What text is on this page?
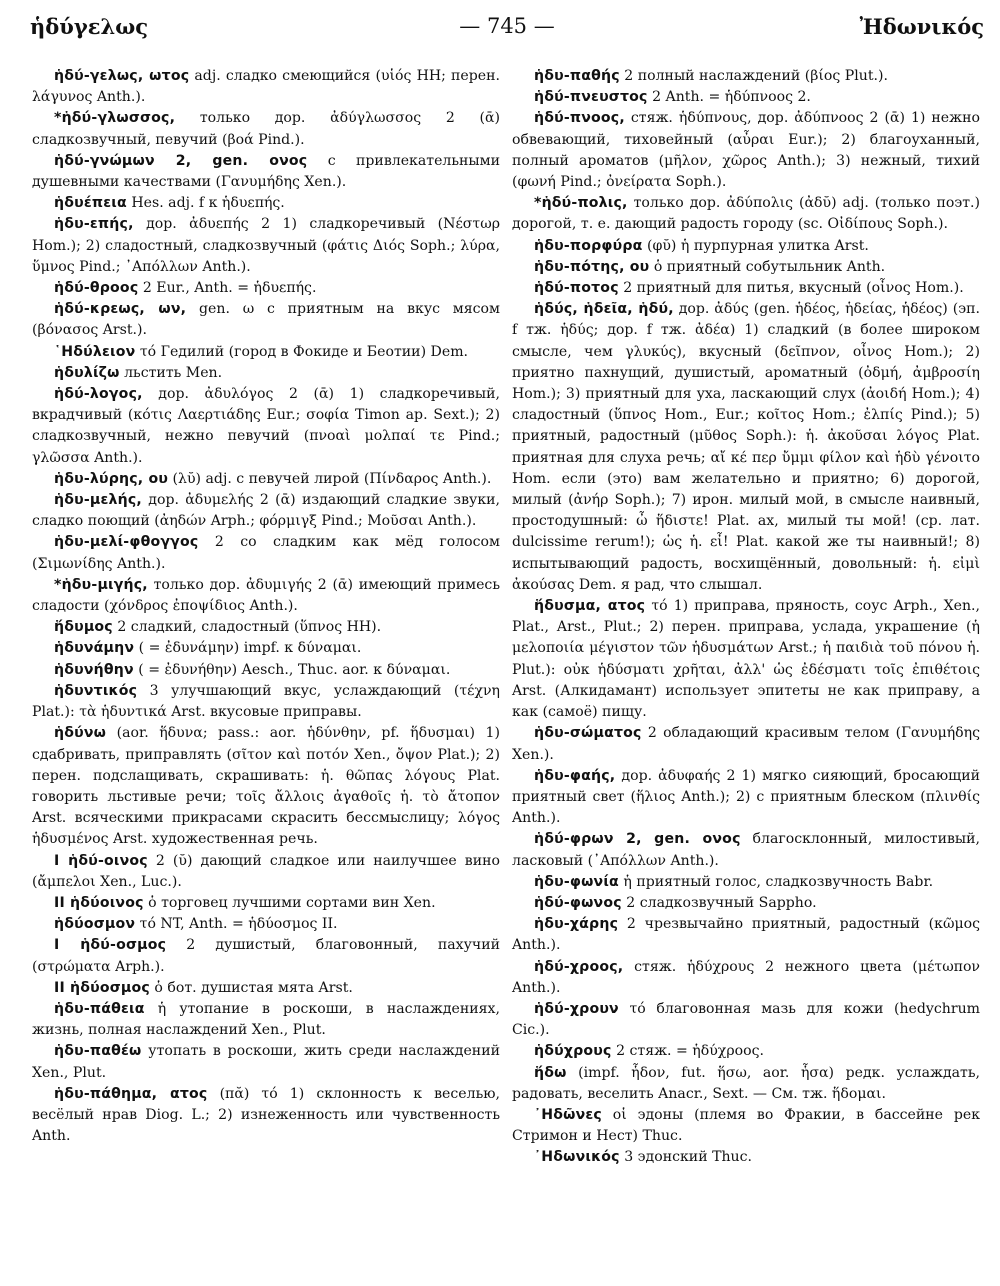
ἡδύγελως	— 745 —	Ἠδωνικός

ἡδύ-γελως, ωτος adj. сладко смеющийся (υἱός HH; перен. λάγυνος Anth.).

*ἡδύ-γλωσσος, только дор. ἀδύγλωσσος 2 (ᾱ) сладкозвучный, певучий (βοά Pind.).

ἡδύ-γνώμων 2, gen. ονος с привлекательными душевными качествами (Γανυμήδης Xen.).

ἡδυέπεια Hes. adj. f к ἡδυεπής.

ἡδυ-επής, дор. ἀδυεπής 2 1) сладкоречивый (Νέστωρ Hom.); 2) сладостный, сладкозвучный (φάτις Διός Soph.; λύρα, ὕμνος Pind.; ᾿Απόλλων Anth.).

ἡδύ-θροος 2 Eur., Anth. = ἡδυεπής.

ἡδύ-κρεως, ων, gen. ω с приятным на вкус мясом (βόνασος Arst.).

῾Ηδύλειον τό Гедилий (город в Фокиде и Беотии) Dem.

ἡδυλίζω льстить Men.

ἡδύ-λογος, дор. ἀδυλόγος 2 (ᾱ) 1) сладкоречивый, вкрадчивый (κότις Λαερτιάδης Eur.; σοφία Timon ap. Sext.); 2) сладкозвучный, нежно певучий (πνοαὶ μολπαί τε Pind.; γλῶσσα Anth.).

ἡδυ-λύρης, ου (λῠ) adj. с певучей лирой (Πίνδαρος Anth.).

ἡδυ-μελής, дор. ἀδυμελής 2 (ᾱ) издающий сладкие звуки, сладко поющий (ἀηδών Arph.; φόρμιγξ Pind.; Μοῦσαι Anth.).

ἡδυ-μελί-φθογγος 2 со сладким как мёд голосом (Σιμωνίδης Anth.).

*ἡδυ-μιγής, только дор. ἀδυμιγής 2 (ᾱ) имеющий примесь сладости (χόνδρος ἐποψίδιος Anth.).

ἥδυμος 2 сладкий, сладостный (ὕπνος HH).

ἡδυνάμην ( = ἐδυνάμην) impf. к δύναμαι.

ἡδυνήθην ( = ἐδυνήθην) Aesch., Thuc. aor. к δύναμαι.

ἡδυντικός 3 улучшающий вкус, услаждающий (τέχνη Plat.): τὰ ἡδυντικά Arst. вкусовые приправы.

ἡδύνω (aor. ἥδυνα; pass.: aor. ἡδύνθην, pf. ἥδυσμαι) 1) сдабривать, приправлять (σῖτον καὶ ποτόν Xen., ὄψον Plat.); 2) перен. подслащивать, скрашивать: ἡ. θῶπας λόγους Plat. говорить льстивые речи; τοῖς ἄλλοις ἀγαθοῖς ἡ. τὸ ἄτοπον Arst. всяческими прикрасами скрасить бессмыслицу; λόγος ἡδυσμένος Arst. художественная речь.

I ἡδύ-οινος 2 (ῠ) дающий сладкое или наилучшее вино (ἄμπελοι Xen., Luc.).

II ἡδύοινος ὁ торговец лучшими сортами вин Xen.

ἡδύοσμον τό NT, Anth. = ἡδύοσμος II.

I ἡδύ-οσμος 2 душистый, благовонный, пахучий (στρώματα Arph.).

II ἡδύοσμος ὁ бот. душистая мята Arst.

ἡδυ-πάθεια ἡ утопание в роскоши, в наслаждениях, жизнь, полная наслаждений Xen., Plut.

ἡδυ-παθέω утопать в роскоши, жить среди наслаждений Xen., Plut.

ἡδυ-πάθημα, ατος (πᾰ) τό 1) склонность к веселью, весёлый нрав Diog. L.; 2) изнеженность или чувственность Anth.

ἡδυ-παθής 2 полный наслаждений (βίος Plut.).

ἡδύ-πνευστος 2 Anth. = ἡδύπνοος 2.

ἡδύ-πνοος, стяж. ἡδύπνους, дор. ἀδύπνοος 2 (ᾱ) 1) нежно обвевающий, тиховейный (αὖραι Eur.); 2) благоуханный, полный ароматов (μῆλον, χῶρος Anth.); 3) нежный, тихий (φωνή Pind.; ὀνείρατα Soph.).

*ἡδύ-πολις, только дор. ἀδύπολις (ἀδῠ) adj. (только поэт.) дорогой, т. е. дающий радость городу (sc. Οἰδίπους Soph.).

ἡδυ-πορφύρα (φῠ) ἡ пурпурная улитка Arst.

ἡδυ-πότης, ου ὁ приятный собутыльник Anth.

ἡδύ-ποτος 2 приятный для питья, вкусный (οἶνος Hom.).

ἡδύς, ἡδεῖα, ἡδύ, дор. ἀδύς (gen. ἡδέος, ἡδείας, ἡδέος) (эп. f тж. ἡδύς; дор. f тж. ἀδέα) 1) сладкий (в более широком смысле, чем γλυκύς), вкусный (δεῖπνον, οἶνος Hom.); 2) приятно пахнущий, душистый, ароматный (ὀδμή, ἀμβροσίη Hom.); 3) приятный для уха, ласкающий слух (ἀοιδή Hom.); 4) сладостный (ὕπνος Hom., Eur.; κοῖτος Hom.; ἐλπίς Pind.); 5) приятный, радостный (μῦθος Soph.): ἡ. ἀκοῦσαι λόγος Plat. приятная для слуха речь; αἴ κέ περ ὔμμι φίλον καὶ ἡδὺ γένοιτο Hom. если (это) вам желательно и приятно; 6) дорогой, милый (ἀνήρ Soph.); 7) ирон. милый мой, в смысле наивный, простодушный: ὦ ἥδιστε! Plat. ах, милый ты мой! (ср. лат. dulcissime rerum!); ὡς ἡ. εἶ! Plat. какой же ты наивный!; 8) испытывающий радость, восхищённый, довольный: ἡ. εἰμὶ ἀκούσας Dem. я рад, что слышал.

ἥδυσμα, ατος τό 1) приправа, пряность, соус Arph., Xen., Plat., Arst., Plut.; 2) перен. приправа, услада, украшение (ἡ μελοποιία μέγιστον τῶν ἡδυσμάτων Arst.; ἡ παιδιὰ τοῦ πόνου ἡ. Plut.): οὐκ ἡδύσματι χρῆται, ἀλλ' ὡς ἐδέσματι τοῖς ἐπιθέτοις Arst. (Алкидамант) использует эпитеты не как приправу, а как (самоё) пищу.

ἡδυ-σώματος 2 обладающий красивым телом (Γανυμήδης Xen.).

ἡδυ-φαής, дор. ἀδυφαής 2 1) мягко сияющий, бросающий приятный свет (ἥλιος Anth.); 2) с приятным блеском (πλινθίς Anth.).

ἡδύ-φρων 2, gen. ονος благосклонный, милостивый, ласковый (᾿Απόλλων Anth.).

ἡδυ-φωνία ἡ приятный голос, сладкозвучность Babr.

ἡδύ-φωνος 2 сладкозвучный Sappho.

ἡδυ-χάρης 2 чрезвычайно приятный, радостный (κῶμος Anth.).

ἡδύ-χροος, стяж. ἡδύχρους 2 нежного цвета (μέτωπον Anth.).

ἡδύ-χρουν τό благовонная мазь для кожи (hedychrum Cic.).

ἡδύχρους 2 стяж. = ἡδύχροος.

ἥδω (impf. ἧδον, fut. ἥσω, aor. ἧσα) редк. услаждать, радовать, веселить Anacr., Sext. — См. тж. ἥδομαι.

᾿Ηδῶνες οἱ эдоны (племя во Фракии, в бассейне рек Стримон и Нест) Thuc.

᾿Ηδωνικός 3 эдонский Thuc.
